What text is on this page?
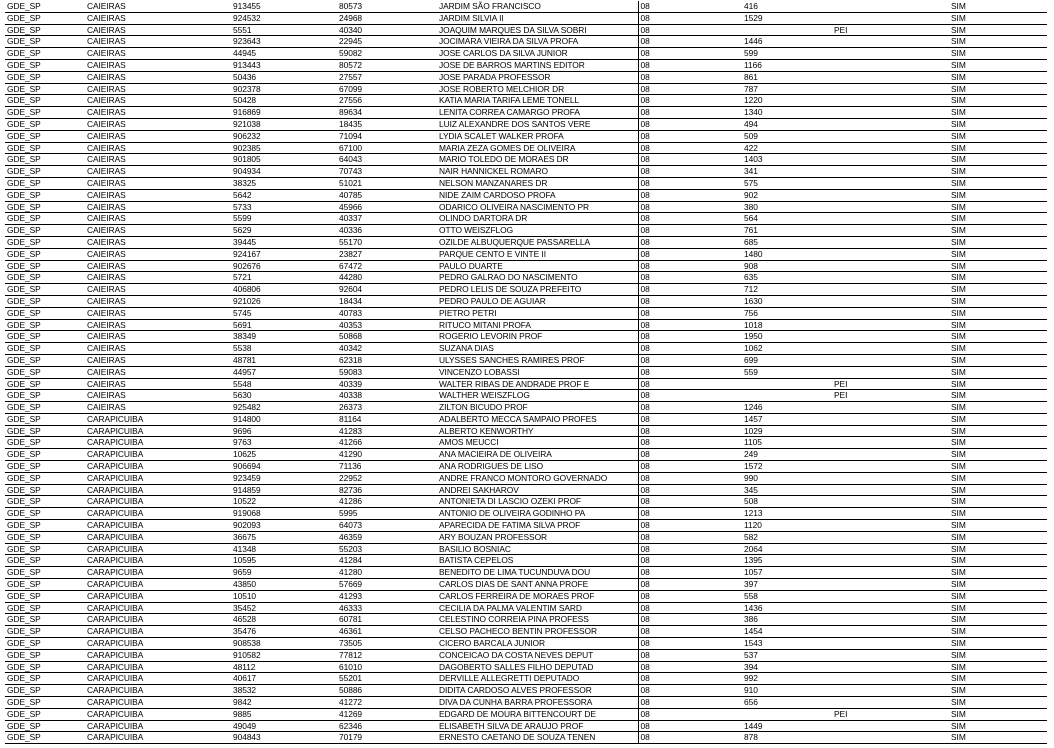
GDE_SP	CAIEIRAS	913455	80573	JARDIM SÃO FRANCISCO	08	416		SIM
GDE_SP	CAIEIRAS	924532	24968	JARDIM SILVIA II	08	1529		SIM
GDE_SP	CAIEIRAS	5551	40340	JOAQUIM MARQUES DA SILVA SOBRI	08		PEI	SIM
GDE_SP	CAIEIRAS	923643	22945	JOCIMARA VIEIRA DA SILVA PROFA	08	1446		SIM
GDE_SP	CAIEIRAS	44945	59082	JOSE CARLOS DA SILVA JUNIOR	08	599		SIM
GDE_SP	CAIEIRAS	913443	80572	JOSE DE BARROS MARTINS EDITOR	08	1166		SIM
GDE_SP	CAIEIRAS	50436	27557	JOSE PARADA PROFESSOR	08	861		SIM
GDE_SP	CAIEIRAS	902378	67099	JOSE ROBERTO MELCHIOR DR	08	787		SIM
GDE_SP	CAIEIRAS	50428	27556	KATIA MARIA TARIFA LEME TONELL	08	1220		SIM
GDE_SP	CAIEIRAS	916869	89634	LENITA CORREA CAMARGO PROFA	08	1340		SIM
GDE_SP	CAIEIRAS	921038	18435	LUIZ ALEXANDRE DOS SANTOS VERE	08	494		SIM
GDE_SP	CAIEIRAS	906232	71094	LYDIA SCALET WALKER PROFA	08	509		SIM
GDE_SP	CAIEIRAS	902385	67100	MARIA ZEZA GOMES DE OLIVEIRA	08	422		SIM
GDE_SP	CAIEIRAS	901805	64043	MARIO TOLEDO DE MORAES DR	08	1403		SIM
GDE_SP	CAIEIRAS	904934	70743	NAIR HANNICKEL ROMARO	08	341		SIM
GDE_SP	CAIEIRAS	38325	51021	NELSON MANZANARES DR	08	575		SIM
GDE_SP	CAIEIRAS	5642	40785	NIDE ZAIM CARDOSO PROFA	08	902		SIM
GDE_SP	CAIEIRAS	5733	45966	ODARICO OLIVEIRA NASCIMENTO PR	08	380		SIM
GDE_SP	CAIEIRAS	5599	40337	OLINDO DARTORA DR	08	564		SIM
GDE_SP	CAIEIRAS	5629	40336	OTTO WEISZFLOG	08	761		SIM
GDE_SP	CAIEIRAS	39445	55170	OZILDE ALBUQUERQUE PASSARELLA	08	685		SIM
GDE_SP	CAIEIRAS	924167	23827	PARQUE CENTO E VINTE II	08	1480		SIM
GDE_SP	CAIEIRAS	902676	67472	PAULO DUARTE	08	908		SIM
GDE_SP	CAIEIRAS	5721	44280	PEDRO GALRAO DO NASCIMENTO	08	635		SIM
GDE_SP	CAIEIRAS	406806	92604	PEDRO LELIS DE SOUZA PREFEITO	08	712		SIM
GDE_SP	CAIEIRAS	921026	18434	PEDRO PAULO DE AGUIAR	08	1630		SIM
GDE_SP	CAIEIRAS	5745	40783	PIETRO PETRI	08	756		SIM
GDE_SP	CAIEIRAS	5691	40353	RITUCO MITANI PROFA	08	1018		SIM
GDE_SP	CAIEIRAS	38349	50868	ROGERIO LEVORIN PROF	08	1950		SIM
GDE_SP	CAIEIRAS	5538	40342	SUZANA DIAS	08	1062		SIM
GDE_SP	CAIEIRAS	48781	62318	ULYSSES SANCHES RAMIRES PROF	08	699		SIM
GDE_SP	CAIEIRAS	44957	59083	VINCENZO LOBASSI	08	559		SIM
GDE_SP	CAIEIRAS	5548	40339	WALTER RIBAS DE ANDRADE PROF E	08		PEI	SIM
GDE_SP	CAIEIRAS	5630	40338	WALTHER WEISZFLOG	08		PEI	SIM
GDE_SP	CAIEIRAS	925482	26373	ZILTON BICUDO PROF	08	1246		SIM
GDE_SP	CARAPICUIBA	914800	81164	ADALBERTO MECCA SAMPAIO PROFES	08	1457		SIM
GDE_SP	CARAPICUIBA	9696	41283	ALBERTO KENWORTHY	08	1029		SIM
GDE_SP	CARAPICUIBA	9763	41266	AMOS MEUCCI	08	1105		SIM
GDE_SP	CARAPICUIBA	10625	41290	ANA MACIEIRA DE OLIVEIRA	08	249		SIM
GDE_SP	CARAPICUIBA	906694	71136	ANA RODRIGUES DE LISO	08	1572		SIM
GDE_SP	CARAPICUIBA	923459	22952	ANDRE FRANCO MONTORO GOVERNADO	08	990		SIM
GDE_SP	CARAPICUIBA	914859	82736	ANDREI SAKHAROV	08	345		SIM
GDE_SP	CARAPICUIBA	10522	41286	ANTONIETA DI LASCIO OZEKI PROF	08	508		SIM
GDE_SP	CARAPICUIBA	919068	5995	ANTONIO DE OLIVEIRA GODINHO PA	08	1213		SIM
GDE_SP	CARAPICUIBA	902093	64073	APARECIDA DE FATIMA SILVA PROF	08	1120		SIM
GDE_SP	CARAPICUIBA	36675	46359	ARY BOUZAN PROFESSOR	08	582		SIM
GDE_SP	CARAPICUIBA	41348	55203	BASILIO BOSNIAC	08	2064		SIM
GDE_SP	CARAPICUIBA	10595	41284	BATISTA CEPELOS	08	1395		SIM
GDE_SP	CARAPICUIBA	9659	41280	BENEDITO DE LIMA TUCUNDUVA DOU	08	1057		SIM
GDE_SP	CARAPICUIBA	43850	57669	CARLOS DIAS DE SANT ANNA PROFE	08	397		SIM
GDE_SP	CARAPICUIBA	10510	41293	CARLOS FERREIRA DE MORAES PROF	08	558		SIM
GDE_SP	CARAPICUIBA	35452	46333	CECILIA DA PALMA VALENTIM SARD	08	1436		SIM
GDE_SP	CARAPICUIBA	46528	60781	CELESTINO CORREIA PINA PROFESS	08	386		SIM
GDE_SP	CARAPICUIBA	35476	46361	CELSO PACHECO BENTIN PROFESSOR	08	1454		SIM
GDE_SP	CARAPICUIBA	908538	73505	CICERO BARCALA JUNIOR	08	1543		SIM
GDE_SP	CARAPICUIBA	910582	77812	CONCEICAO DA COSTA NEVES DEPUT	08	537		SIM
GDE_SP	CARAPICUIBA	48112	61010	DAGOBERTO SALLES FILHO DEPUTAD	08	394		SIM
GDE_SP	CARAPICUIBA	40617	55201	DERVILLE ALLEGRETTI DEPUTADO	08	992		SIM
GDE_SP	CARAPICUIBA	38532	50886	DIDITA CARDOSO ALVES PROFESSOR	08	910		SIM
GDE_SP	CARAPICUIBA	9842	41272	DIVA DA CUNHA BARRA PROFESSORA	08	656		SIM
GDE_SP	CARAPICUIBA	9885	41269	EDGARD DE MOURA BITTENCOURT DE	08		PEI	SIM
GDE_SP	CARAPICUIBA	49049	62346	ELISABETH SILVA DE ARAUJO PROF	08	1449		SIM
GDE_SP	CARAPICUIBA	904843	70179	ERNESTO CAETANO DE SOUZA TENEN	08	878		SIM
